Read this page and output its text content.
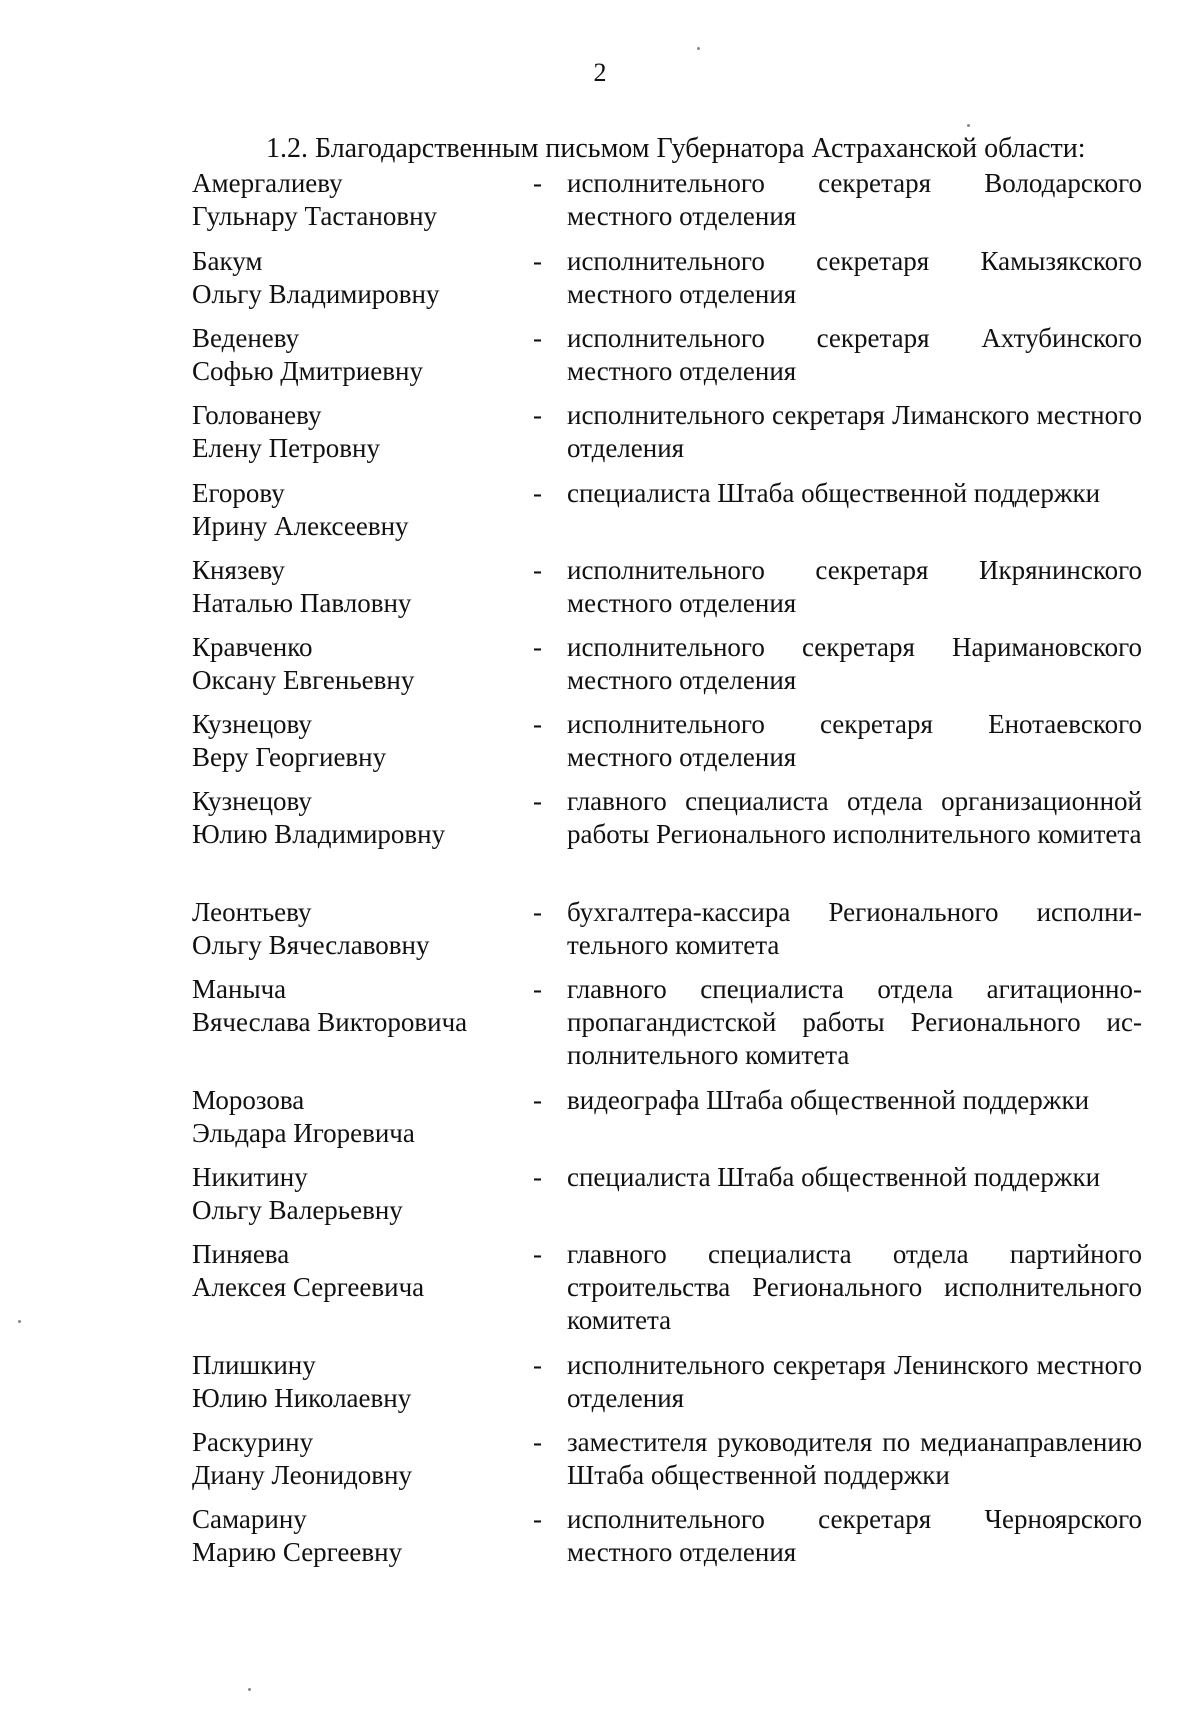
2
1.2. Благодарственным письмом Губернатора Астраханской области:
Амергалиеву
Гульнару Тастановну
- исполнительного секретаря Володарского местного отделения
Бакум
Ольгу Владимировну
- исполнительного секретаря Камызякского местного отделения
Веденеву
Софью Дмитриевну
- исполнительного секретаря Ахтубинского местного отделения
Голованеву
Елену Петровну
- исполнительного секретаря Лиманского местного отделения
Егорову
Ирину Алексеевну
- специалиста Штаба общественной поддержки
Князеву
Наталью Павловну
- исполнительного секретаря Икрянинского местного отделения
Кравченко
Оксану Евгеньевну
- исполнительного секретаря Наримановского местного отделения
Кузнецову
Веру Георгиевну
- исполнительного секретаря Енотаевского местного отделения
Кузнецову
Юлию Владимировну
- главного специалиста отдела организационной работы Регионального исполнительного комитета
Леонтьеву
Ольгу Вячеславовну
- бухгалтера-кассира Регионального исполнительного комитета
Маныча
Вячеслава Викторовича
- главного специалиста отдела агитационно-пропагандистской работы Регионального исполнительного комитета
Морозова
Эльдара Игоревича
- видеографа Штаба общественной поддержки
Никитину
Ольгу Валерьевну
- специалиста Штаба общественной поддержки
Пиняева
Алексея Сергеевича
- главного специалиста отдела партийного строительства Регионального исполнительного комитета
Плишкину
Юлию Николаевну
- исполнительного секретаря Ленинского местного отделения
Раскурину
Диану Леонидовну
- заместителя руководителя по медианаправлению Штаба общественной поддержки
Самарину
Марию Сергеевну
- исполнительного секретаря Черноярского местного отделения
